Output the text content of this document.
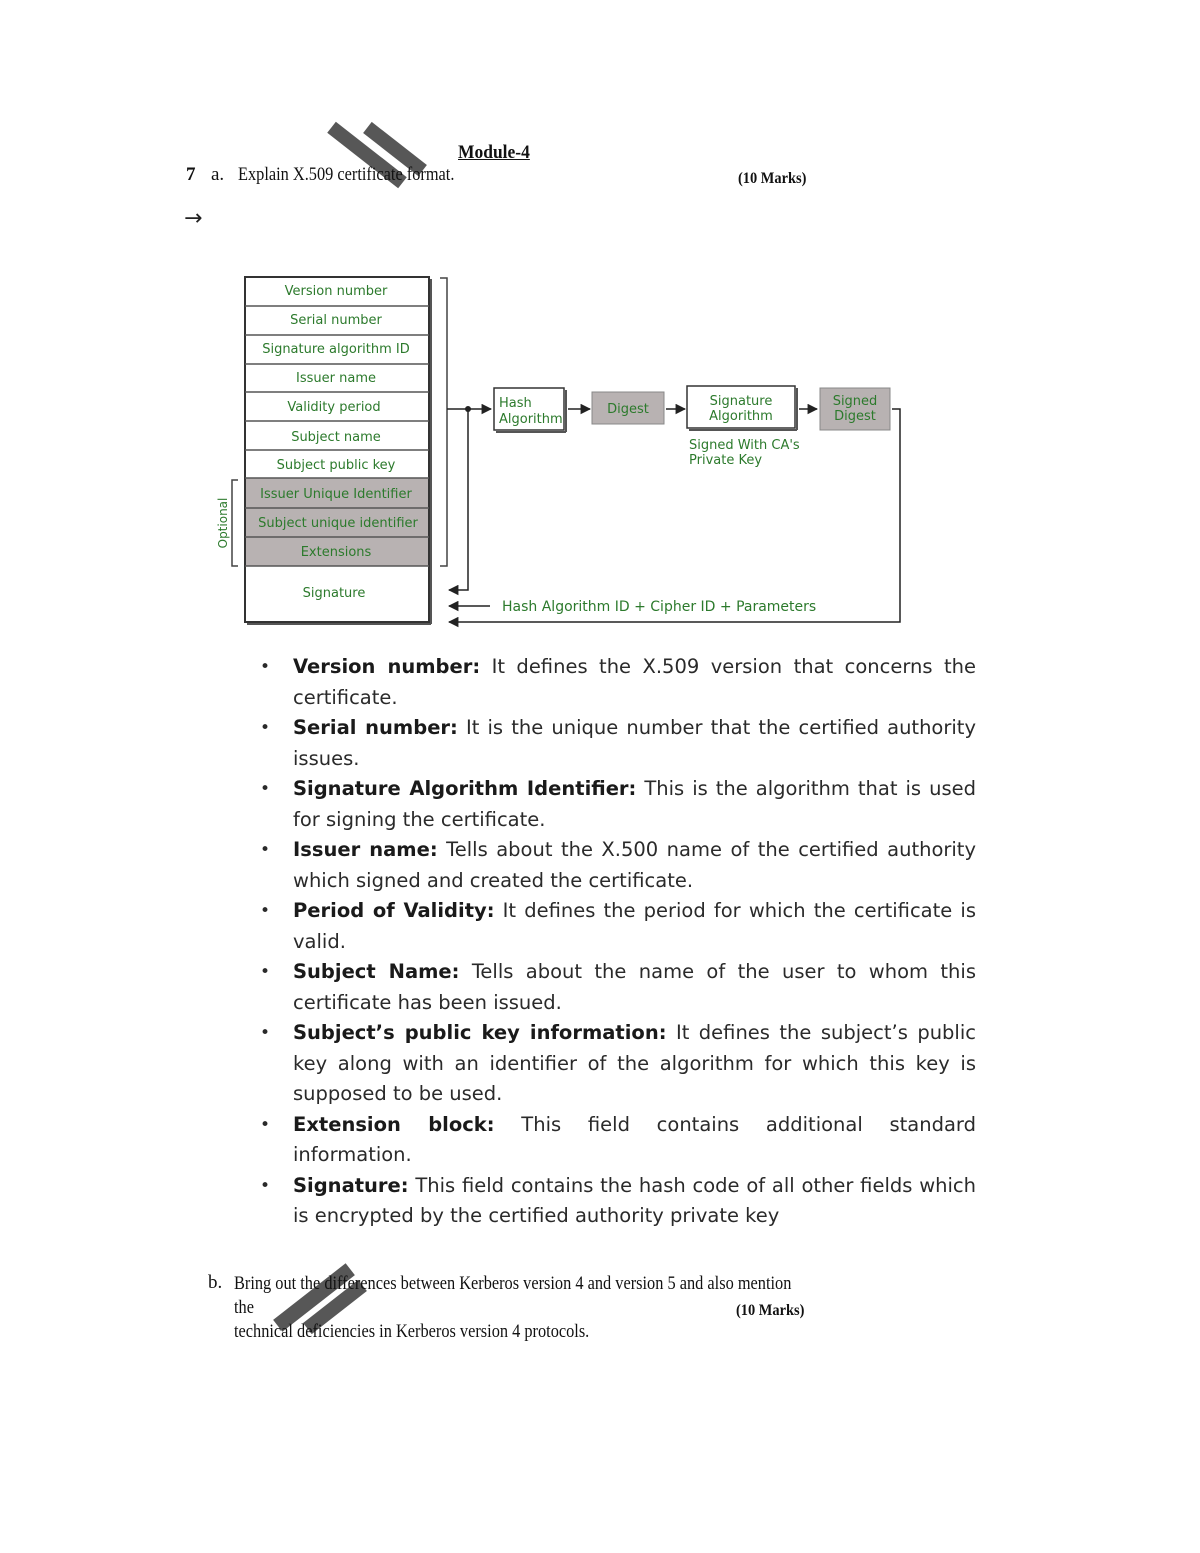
Module-4
7 a. Explain X.509 certificate format.	(10 Marks)
→
Version number
Serial number
Signature algorithm ID
Issuer name
Validity period
Subject name
Subject public key
Issuer Unique Identifier
Subject unique identifier
Extensions
Signature
Optional
Hash
Algorithm
Digest
Signature
Algorithm
Signed With CA's
Private Key
Signed
Digest
Hash Algorithm ID + Cipher ID + Parameters
• Version number: It defines the X.509 version that concerns the certificate.
• Serial number: It is the unique number that the certified authority issues.
• Signature Algorithm Identifier: This is the algorithm that is used for signing the certificate.
• Issuer name: Tells about the X.500 name of the certified authority which signed and created the certificate.
• Period of Validity: It defines the period for which the certificate is valid.
• Subject Name: Tells about the name of the user to whom this certificate has been issued.
• Subject’s public key information: It defines the subject’s public key along with an identifier of the algorithm for which this key is supposed to be used.
• Extension block: This field contains additional standard information.
• Signature: This field contains the hash code of all other fields which is encrypted by the certified authority private key
b. Bring out the differences between Kerberos version 4 and version 5 and also mention the
technical deficiencies in Kerberos version 4 protocols.
(10 Marks)
